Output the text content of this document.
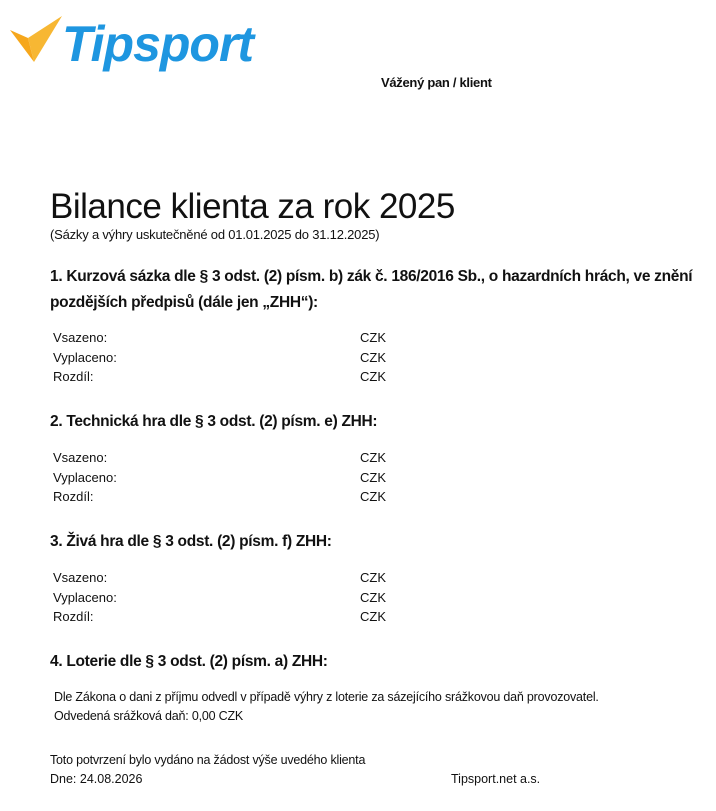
Tipsport
Vážený pan / klient
Bilance klienta za rok 2025
(Sázky a výhry uskutečněné od 01.01.2025 do 31.12.2025)
1. Kurzová sázka dle § 3 odst. (2) písm. b) zák č. 186/2016 Sb., o hazardních hrách, ve znění
pozdějších předpisů (dále jen „ZHH“):
Vsazeno:	CZK
Vyplaceno:	CZK
Rozdíl:	CZK
2. Technická hra dle § 3 odst. (2) písm. e) ZHH:
Vsazeno:	CZK
Vyplaceno:	CZK
Rozdíl:	CZK
3. Živá hra dle § 3 odst. (2) písm. f) ZHH:
Vsazeno:	CZK
Vyplaceno:	CZK
Rozdíl:	CZK
4. Loterie dle § 3 odst. (2) písm. a) ZHH:
Dle Zákona o dani z příjmu odvedl v případě výhry z loterie za sázejícího srážkovou daň provozovatel.
Odvedená srážková daň: 0,00 CZK
Toto potvrzení bylo vydáno na žádost výše uvedého klienta
Dne: 24.08.2026	Tipsport.net a.s.
